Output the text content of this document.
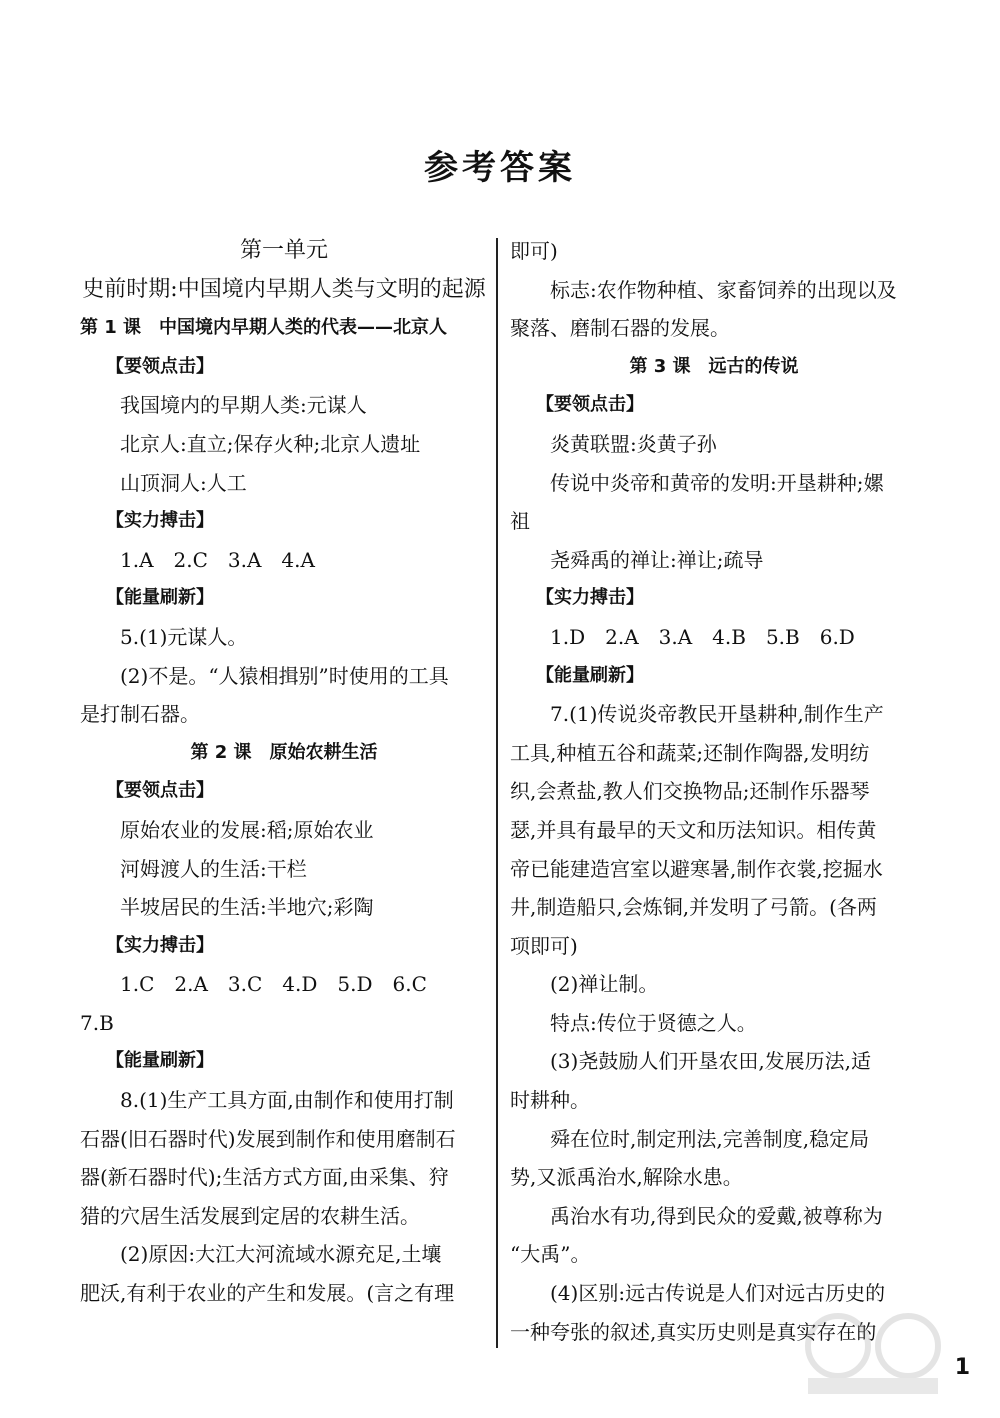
参考答案
第一单元
史前时期:中国境内早期人类与文明的起源
第 1 课　中国境内早期人类的代表——北京人
【要领点击】
我国境内的早期人类:元谋人
北京人:直立;保存火种;北京人遗址
山顶洞人:人工
【实力搏击】
1.A　2.C　3.A　4.A
【能量刷新】
5.(1)元谋人。
(2)不是。“人猿相揖别”时使用的工具
是打制石器。
第 2 课　原始农耕生活
【要领点击】
原始农业的发展:稻;原始农业
河姆渡人的生活:干栏
半坡居民的生活:半地穴;彩陶
【实力搏击】
1.C　2.A　3.C　4.D　5.D　6.C
7.B
【能量刷新】
8.(1)生产工具方面,由制作和使用打制
石器(旧石器时代)发展到制作和使用磨制石
器(新石器时代);生活方式方面,由采集、狩
猎的穴居生活发展到定居的农耕生活。
(2)原因:大江大河流域水源充足,土壤
肥沃,有利于农业的产生和发展。(言之有理
即可)
标志:农作物种植、家畜饲养的出现以及
聚落、磨制石器的发展。
第 3 课　远古的传说
【要领点击】
炎黄联盟:炎黄子孙
传说中炎帝和黄帝的发明:开垦耕种;嫘
祖
尧舜禹的禅让:禅让;疏导
【实力搏击】
1.D　2.A　3.A　4.B　5.B　6.D
【能量刷新】
7.(1)传说炎帝教民开垦耕种,制作生产
工具,种植五谷和蔬菜;还制作陶器,发明纺
织,会煮盐,教人们交换物品;还制作乐器琴
瑟,并具有最早的天文和历法知识。相传黄
帝已能建造宫室以避寒暑,制作衣裳,挖掘水
井,制造船只,会炼铜,并发明了弓箭。(各两
项即可)
(2)禅让制。
特点:传位于贤德之人。
(3)尧鼓励人们开垦农田,发展历法,适
时耕种。
舜在位时,制定刑法,完善制度,稳定局
势,又派禹治水,解除水患。
禹治水有功,得到民众的爱戴,被尊称为
“大禹”。
(4)区别:远古传说是人们对远古历史的
一种夸张的叙述,真实历史则是真实存在的
1
